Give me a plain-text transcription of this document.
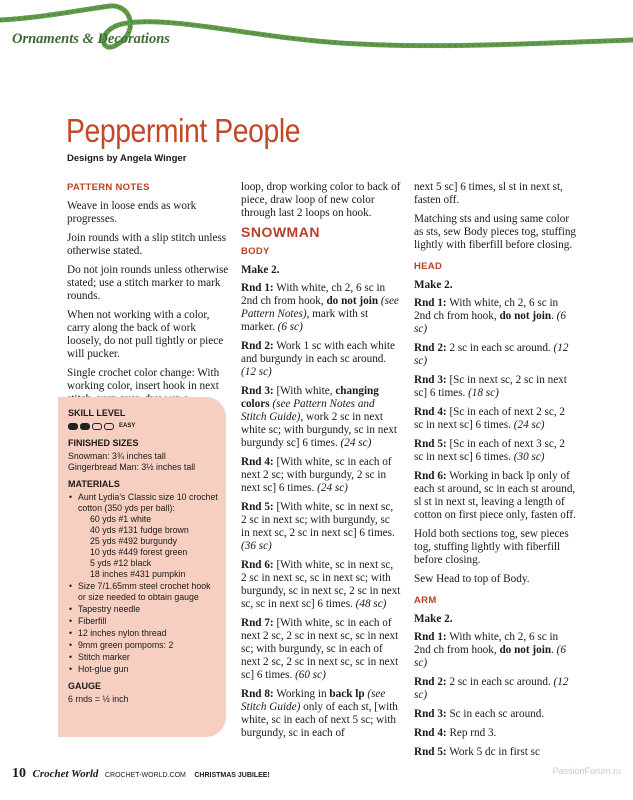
Ornaments & Decorations
Peppermint People
Designs by Angela Winger

PATTERN NOTES

Weave in loose ends as work progresses.

Join rounds with a slip stitch unless otherwise stated.

Do not join rounds unless otherwise stated; use a stitch marker to mark rounds.

When not working with a color, carry along the back of work loosely, do not pull tightly or piece will pucker.

Single crochet color change: With working color, insert hook in next

SKILL LEVEL
EASY
FINISHED SIZES
Snowman: 3¾ inches tall
Gingerbread Man: 3½ inches tall
MATERIALS
• Aunt Lydia’s Classic size 10 crochet cotton (350 yds per ball):
60 yds #1 white
40 yds #131 fudge brown
25 yds #492 burgundy
10 yds #449 forest green
5 yds #12 black
18 inches #431 pumpkin
• Size 7/1.65mm steel crochet hook or size needed to obtain gauge
• Tapestry needle
• Fiberfill
• 12 inches nylon thread
• 9mm green pompoms: 2
• Stitch marker
• Hot-glue gun
GAUGE
6 rnds = ½ inch

loop, drop working color to back of piece, draw loop of new color through last 2 loops on hook.

SNOWMAN

BODY

Make 2.

Rnd 1: With white, ch 2, 6 sc in 2nd ch from hook, do not join (see Pattern Notes), mark with st marker. (6 sc)

Rnd 2: Work 1 sc with each white and burgundy in each sc around. (12 sc)

Rnd 3: [With white, changing colors (see Pattern Notes and Stitch Guide), work 2 sc in next white sc; with burgundy, sc in next burgundy sc] 6 times. (24 sc)

Rnd 4: [With white, sc in each of next 2 sc; with burgundy, 2 sc in next sc] 6 times. (24 sc)

Rnd 5: [With white, sc in next sc, 2 sc in next sc; with burgundy, sc in next sc, 2 sc in next sc] 6 times. (36 sc)

Rnd 6: [With white, sc in next sc, 2 sc in next sc, sc in next sc; with burgundy, sc in next sc, 2 sc in next sc, sc in next sc] 6 times. (48 sc)

Rnd 7: [With white, sc in each of next 2 sc, 2 sc in next sc, sc in next sc; with burgundy, sc in each of next 2 sc, 2 sc in next sc, sc in next sc] 6 times. (60 sc)

Rnd 8: Working in back lp (see Stitch Guide) only of each st, [with white, sc in each of next 5 sc; with burgundy, sc in each of

next 5 sc] 6 times, sl st in next st, fasten off.

Matching sts and using same color as sts, sew Body pieces tog, stuffing lightly with fiberfill before closing.

HEAD

Make 2.

Rnd 1: With white, ch 2, 6 sc in 2nd ch from hook, do not join. (6 sc)

Rnd 2: 2 sc in each sc around. (12 sc)

Rnd 3: [Sc in next sc, 2 sc in next sc] 6 times. (18 sc)

Rnd 4: [Sc in each of next 2 sc, 2 sc in next sc] 6 times. (24 sc)

Rnd 5: [Sc in each of next 3 sc, 2 sc in next sc] 6 times. (30 sc)

Rnd 6: Working in back lp only of each st around, sc in each st around, sl st in next st, leaving a length of cotton on first piece only, fasten off.

Hold both sections tog, sew pieces tog, stuffing lightly with fiberfill before closing.

Sew Head to top of Body.

ARM

Make 2.

Rnd 1: With white, ch 2, 6 sc in 2nd ch from hook, do not join. (6 sc)

Rnd 2: 2 sc in each sc around. (12 sc)

Rnd 3: Sc in each sc around.

Rnd 4: Rep rnd 3.

Rnd 5: Work 5 dc in first sc

10 Crochet World CROCHET-WORLD.COM CHRISTMAS JUBILEE!	PassionForum.ru
